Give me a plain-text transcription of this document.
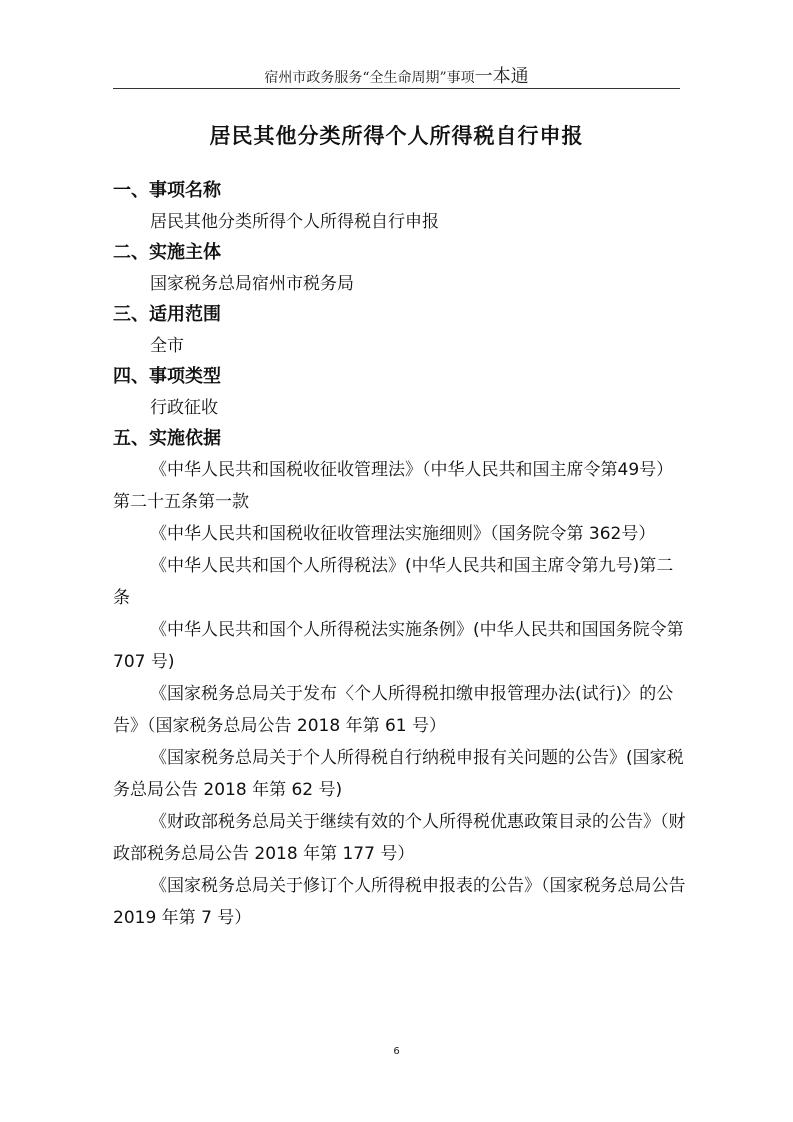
宿州市政务服务“全生命周期”事项一本通
居民其他分类所得个人所得税自行申报
一、事项名称
居民其他分类所得个人所得税自行申报
二、实施主体
国家税务总局宿州市税务局
三、适用范围
全市
四、事项类型
行政征收
五、实施依据

《中华人民共和国税收征收管理法》（中华人民共和国主席令第49号）第二十五条第一款

《中华人民共和国税收征收管理法实施细则》（国务院令第 362号）

《中华人民共和国个人所得税法》(中华人民共和国主席令第九号)第二条

《中华人民共和国个人所得税法实施条例》(中华人民共和国国务院令第 707 号)

《国家税务总局关于发布〈个人所得税扣缴申报管理办法(试行)〉的公告》（国家税务总局公告 2018 年第 61 号）

《国家税务总局关于个人所得税自行纳税申报有关问题的公告》(国家税务总局公告 2018 年第 62 号)

《财政部税务总局关于继续有效的个人所得税优惠政策目录的公告》（财政部税务总局公告 2018 年第 177 号）

《国家税务总局关于修订个人所得税申报表的公告》（国家税务总局公告 2019 年第 7 号）

6
